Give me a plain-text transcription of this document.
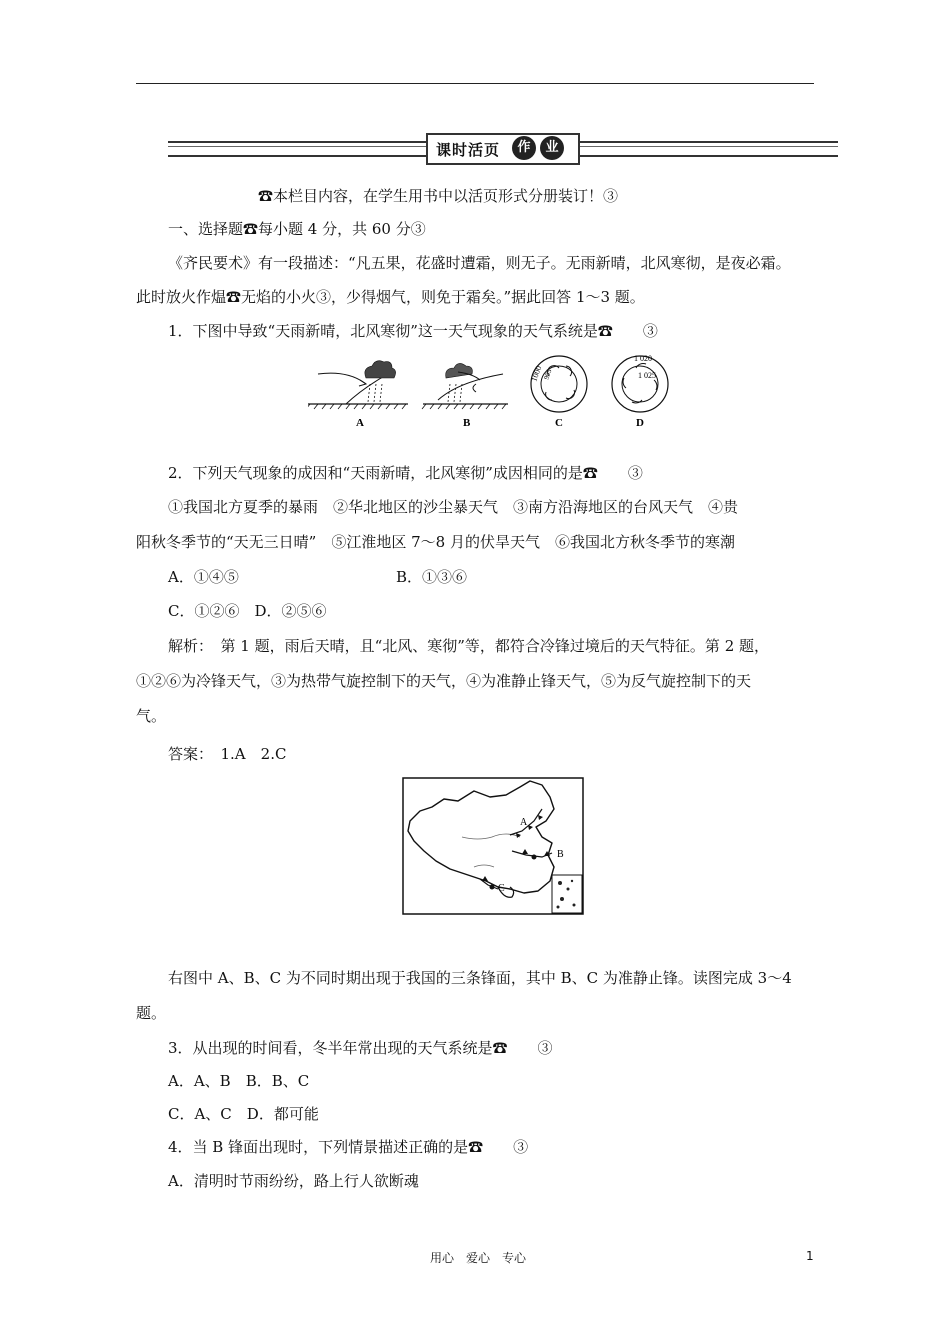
课时活页	作	业
☎本栏目内容，在学生用书中以活页形式分册装订！➂
一、选择题☎每小题 4 分，共 60 分➂
《齐民要术》有一段描述：“凡五果，花盛时遭霜，则无子。无雨新晴，北风寒彻，是夜必霜。
此时放火作煴☎无焰的小火➂，少得烟气，则免于霜矣。”据此回答 1～3 题。
1．下图中导致“天雨新晴，北风寒彻”这一天气现象的天气系统是☎　　➂
A	B
1000 995
C
1 020
1 025
D
2．下列天气现象的成因和“天雨新晴，北风寒彻”成因相同的是☎　　➂
①我国北方夏季的暴雨　②华北地区的沙尘暴天气　③南方沿海地区的台风天气　④贵
阳秋冬季节的“天无三日晴”　⑤江淮地区 7～8 月的伏旱天气　⑥我国北方秋冬季节的寒潮
A．①④⑤	B．①③⑥
C．①②⑥　D．②⑤⑥
解析：　第 1 题，雨后天晴，且“北风、寒彻”等，都符合冷锋过境后的天气特征。第 2 题，
①②⑥为冷锋天气，③为热带气旋控制下的天气，④为准静止锋天气，⑤为反气旋控制下的天
气。
答案：　1.A　2.C
A
B
C
右图中 A、B、C 为不同时期出现于我国的三条锋面，其中 B、C 为准静止锋。读图完成 3～4
题。
3．从出现的时间看，冬半年常出现的天气系统是☎　　➂
A．A、B　B．B、C
C．A、C　D．都可能
4．当 B 锋面出现时，下列情景描述正确的是☎　　➂
A．清明时节雨纷纷，路上行人欲断魂
用心　爱心　专心	1
